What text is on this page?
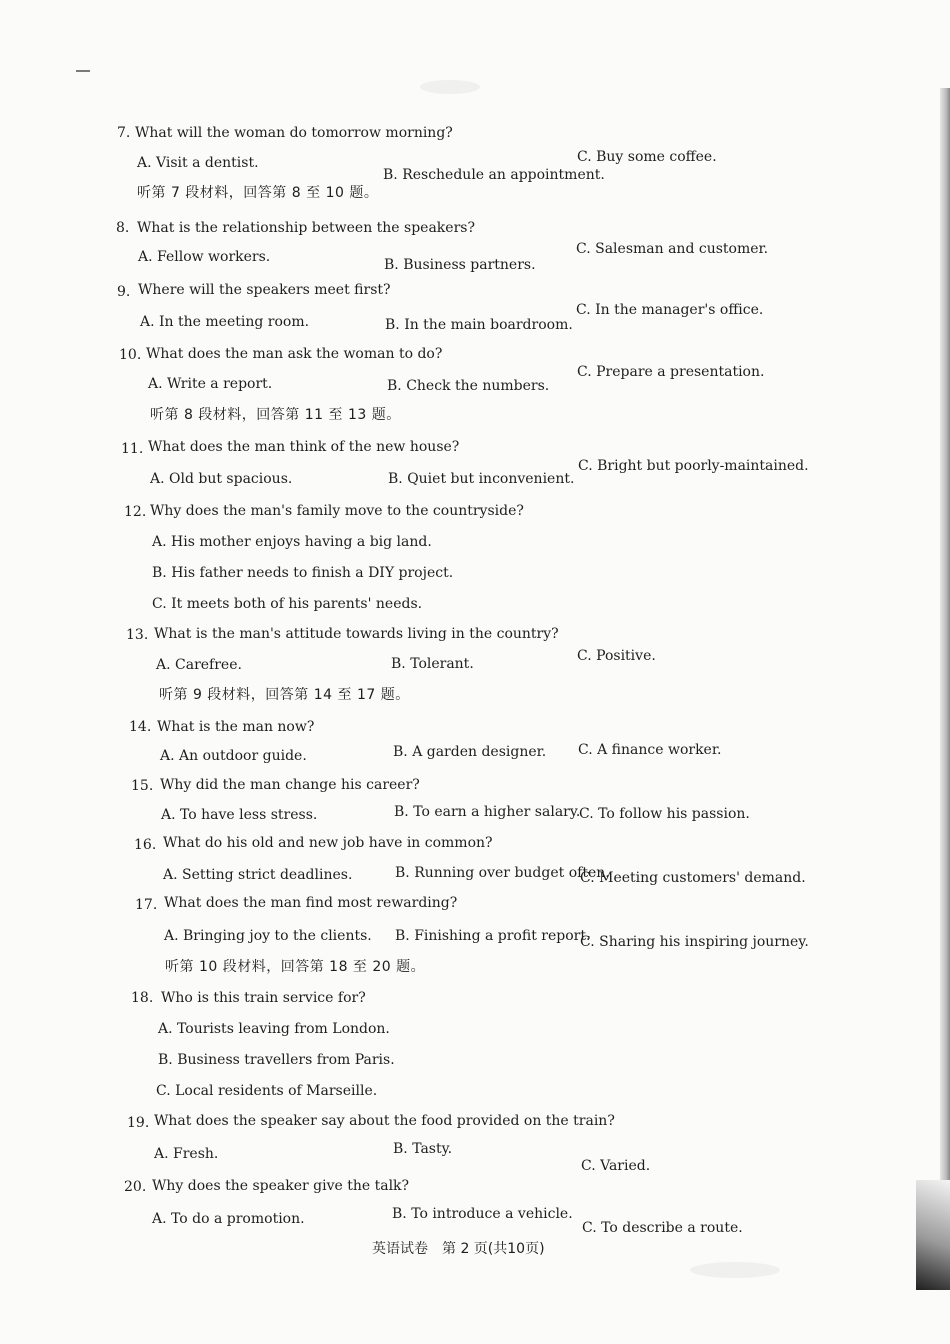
7. What will the woman do tomorrow morning?
A. Visit a dentist.
B. Reschedule an appointment.
C. Buy some coffee.
听第 7 段材料，回答第 8 至 10 题。
8. What is the relationship between the speakers?
A. Fellow workers.	B. Business partners.
C. Salesman and customer.
9. Where will the speakers meet first?
A. In the meeting room.	B. In the main boardroom.
C. In the manager's office.
10. What does the man ask the woman to do?
A. Write a report.	B. Check the numbers.
C. Prepare a presentation.
听第 8 段材料，回答第 11 至 13 题。
11. What does the man think of the new house?
A. Old but spacious.	B. Quiet but inconvenient.
C. Bright but poorly-maintained.
12. Why does the man's family move to the countryside?
A. His mother enjoys having a big land.
B. His father needs to finish a DIY project.
C. It meets both of his parents' needs.
13. What is the man's attitude towards living in the country?
A. Carefree.	B. Tolerant.	C. Positive.
听第 9 段材料，回答第 14 至 17 题。
14. What is the man now?
A. An outdoor guide.	B. A garden designer. C. A finance worker.
15. Why did the man change his career?
A. To have less stress.	B. To earn a higher salary.
C. To follow his passion.
16. What do his old and new job have in common?
A. Setting strict deadlines.	B. Running over budget often.
C. Meeting customers' demand.
17. What does the man find most rewarding?
A. Bringing joy to the clients. B. Finishing a profit report.
C. Sharing his inspiring journey.
听第 10 段材料，回答第 18 至 20 题。
18. Who is this train service for?
A. Tourists leaving from London.
B. Business travellers from Paris.
C. Local residents of Marseille.
19. What does the speaker say about the food provided on the train?
A. Fresh.	B. Tasty.
C. Varied.
20. Why does the speaker give the talk?
A. To do a promotion.	B. To introduce a vehicle.
C. To describe a route.
英语试卷　第 2 页(共10页)
